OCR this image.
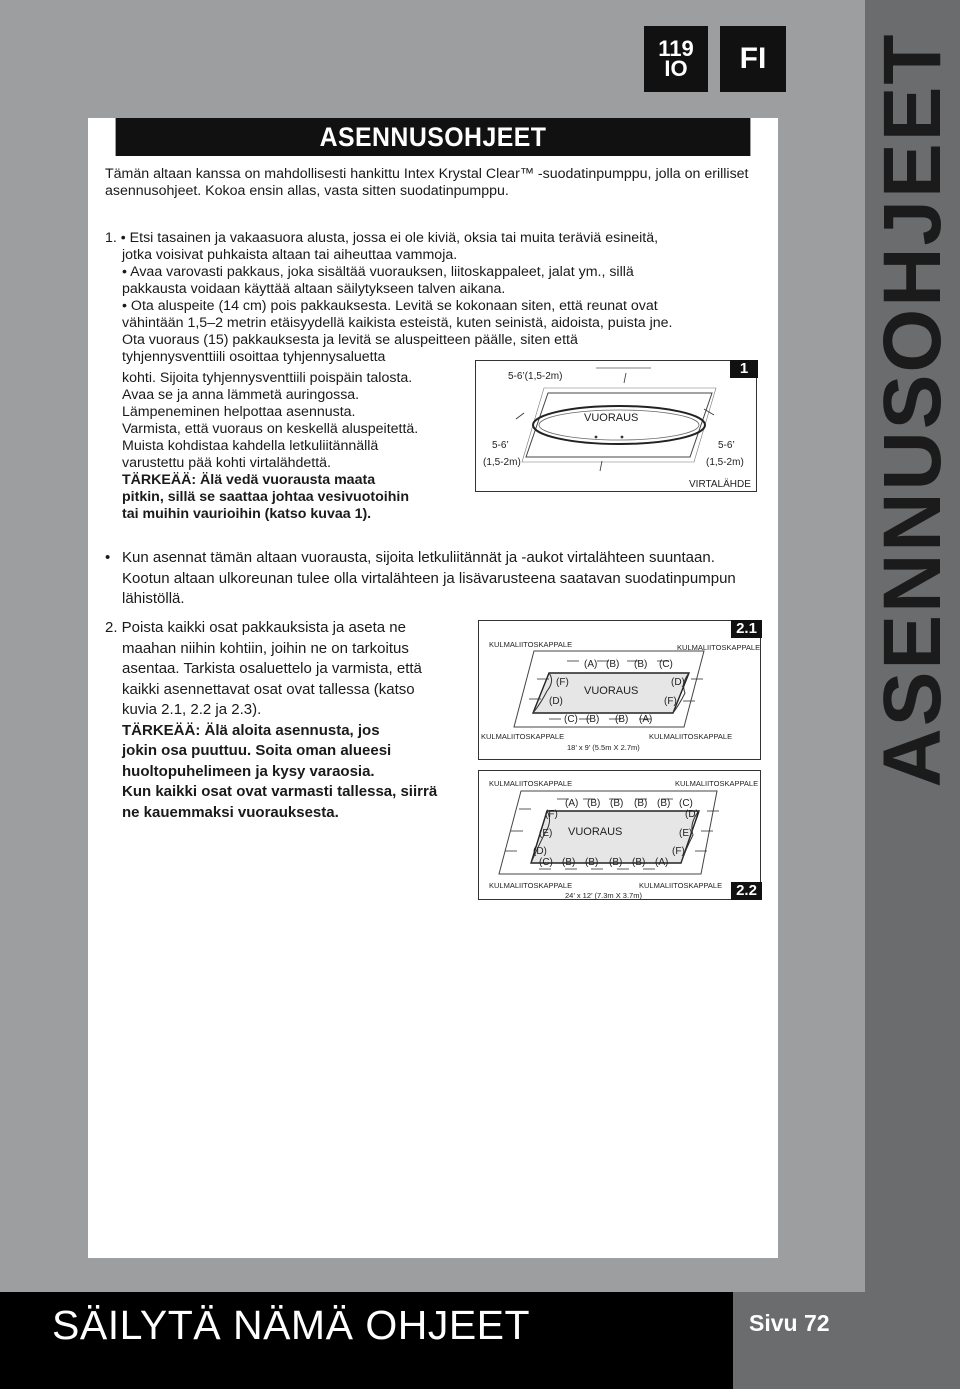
ASENNUSOHJEET
119
IO	FI
ASENNUSOHJEET
Tämän altaan kanssa on mahdollisesti hankittu Intex Krystal Clear™ -suodatinpumppu, jolla on erilliset asennusohjeet. Kokoa ensin allas, vasta sitten suodatinpumppu.
1. • Etsi tasainen ja vakaasuora alusta, jossa ei ole kiviä, oksia tai muita teräviä esineitä,
jotka voisivat puhkaista altaan tai aiheuttaa vammoja.
• Avaa varovasti pakkaus, joka sisältää vuorauksen, liitoskappaleet, jalat ym., sillä
pakkausta voidaan käyttää altaan säilytykseen talven aikana.
• Ota aluspeite (14 cm) pois pakkauksesta. Levitä se kokonaan siten, että reunat ovat
vähintään 1,5–2 metrin etäisyydellä kaikista esteistä, kuten seinistä, aidoista, puista jne.
Ota vuoraus (15) pakkauksesta ja levitä se aluspeitteen päälle, siten että
tyhjennysventtiili osoittaa tyhjennysaluetta
kohti. Sijoita tyhjennysventtiili poispäin talosta.
Avaa se ja anna lämmetä auringossa.
Lämpeneminen helpottaa asennusta.
Varmista, että vuoraus on keskellä aluspeitettä.
Muista kohdistaa kahdella letkuliitännällä
varustettu pää kohti virtalähdettä.
TÄRKEÄÄ: Älä vedä vuorausta maata
pitkin, sillä se saattaa johtaa vesivuotoihin
tai muihin vaurioihin (katso kuvaa 1).
1
5-6’(1,5-2m)
VUORAUS
5-6’
(1,5-2m)
5-6’
(1,5-2m)
VIRTALÄHDE
• Kun asennat tämän altaan vuorausta, sijoita letkuliitännät ja -aukot virtalähteen suuntaan. Kootun altaan ulkoreunan tulee olla virtalähteen ja lisävarusteena saatavan suodatinpumpun lähistöllä.
2. Poista kaikki osat pakkauksista ja aseta ne
maahan niihin kohtiin, joihin ne on tarkoitus
asentaa. Tarkista osaluettelo ja varmista, että
kaikki asennettavat osat ovat tallessa (katso
kuvia 2.1, 2.2 ja 2.3).
TÄRKEÄÄ: Älä aloita asennusta, jos
jokin osa puuttuu. Soita oman alueesi
huoltopuhelimeen ja kysy varaosia.
Kun kaikki osat ovat varmasti tallessa, siirrä
ne kauemmaksi vuorauksesta.
2.1
KULMALIITOSKAPPALE	KULMALIITOSKAPPALE
KULMALIITOSKAPPALE	KULMALIITOSKAPPALE
(A) (B) (B) (C)
(F)	(D)
VUORAUS
(D)	(F)
(C) (B) (B) (A)
18’ x 9’ (5.5m X 2.7m)
2.2
KULMALIITOSKAPPALE	KULMALIITOSKAPPALE
KULMALIITOSKAPPALE	KULMALIITOSKAPPALE
(A) (B) (B) (B) (B) (C)
(F)	(D)
(E) VUORAUS	(E)
(D)	(F)
(C) (B) (B) (B) (B) (A)
24’ x 12’ (7.3m X 3.7m)
SÄILYTÄ NÄMÄ OHJEET	Sivu 72
